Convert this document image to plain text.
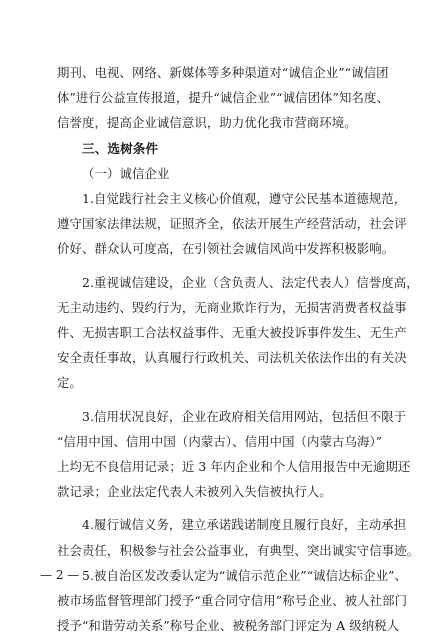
期刊、电视、网络、新媒体等多种渠道对“诚信企业”“诚信团
体”进行公益宣传报道，提升“诚信企业”“诚信团体”知名度、
信誉度，提高企业诚信意识，助力优化我市营商环境。
三、选树条件
（一）诚信企业
1.自觉践行社会主义核心价值观，遵守公民基本道德规范，
遵守国家法律法规，证照齐全，依法开展生产经营活动，社会评
价好、群众认可度高，在引领社会诚信风尚中发挥积极影响。
2.重视诚信建设，企业（含负责人、法定代表人）信誉度高，
无主动违约、毁约行为，无商业欺诈行为，无损害消费者权益事
件、无损害职工合法权益事件、无重大被投诉事件发生、无生产
安全责任事故，认真履行行政机关、司法机关依法作出的有关决
定。
3.信用状况良好，企业在政府相关信用网站，包括但不限于
“信用中国、信用中国（内蒙古）、信用中国（内蒙古乌海）”
上均无不良信用记录；近 3 年内企业和个人信用报告中无逾期还
款记录；企业法定代表人未被列入失信被执行人。
4.履行诚信义务，建立承诺践诺制度且履行良好，主动承担
社会责任，积极参与社会公益事业，有典型、突出诚实守信事迹。
5.被自治区发改委认定为“诚信示范企业”“诚信达标企业”、
被市场监督管理部门授予“重合同守信用”称号企业、被人社部门
授予“和谐劳动关系”称号企业、被税务部门评定为 A 级纳税人
— 2 —
